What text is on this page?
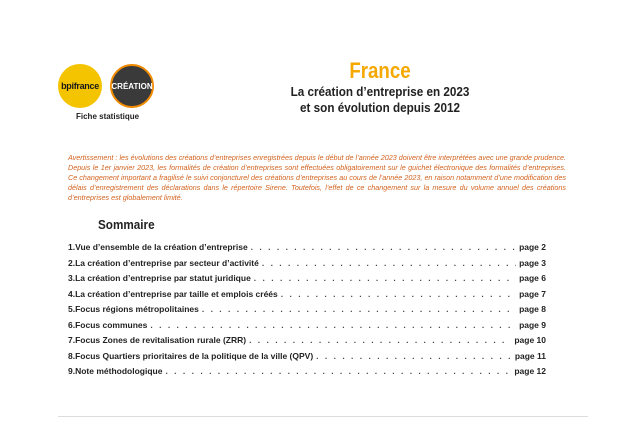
bpifrance CRÉATION
Fiche statistique
France
La création d’entreprise en 2023
et son évolution depuis 2012
Avertissement : les évolutions des créations d’entreprises enregistrées depuis le début de l’année 2023 doivent être interprétées avec une grande prudence. Depuis le 1er janvier 2023, les formalités de création d’entreprises sont effectuées obligatoirement sur le guichet électronique des formalités d’entreprises. Ce changement important a fragilisé le suivi conjoncturel des créations d’entreprises au cours de l’année 2023, en raison notamment d’une modification des délais d’enregistrement des déclarations dans le répertoire Sirene. Toutefois, l’effet de ce changement sur la mesure du volume annuel des créations d’entreprises est globalement limité.
Sommaire
1. Vue d’ensemble de la création d’entreprise . . .	page 2
2. La création d’entreprise par secteur d’activité . . .	page 3
3. La création d’entreprise par statut juridique . . .	page 6
4. La création d’entreprise par taille et emplois créés . . .	page 7
5. Focus régions métropolitaines . . .	page 8
6. Focus communes . . .	page 9
7. Focus Zones de revitalisation rurale (ZRR) . . .	page 10
8. Focus Quartiers prioritaires de la politique de la ville (QPV) . . .	page 11
9. Note méthodologique . . .	page 12
